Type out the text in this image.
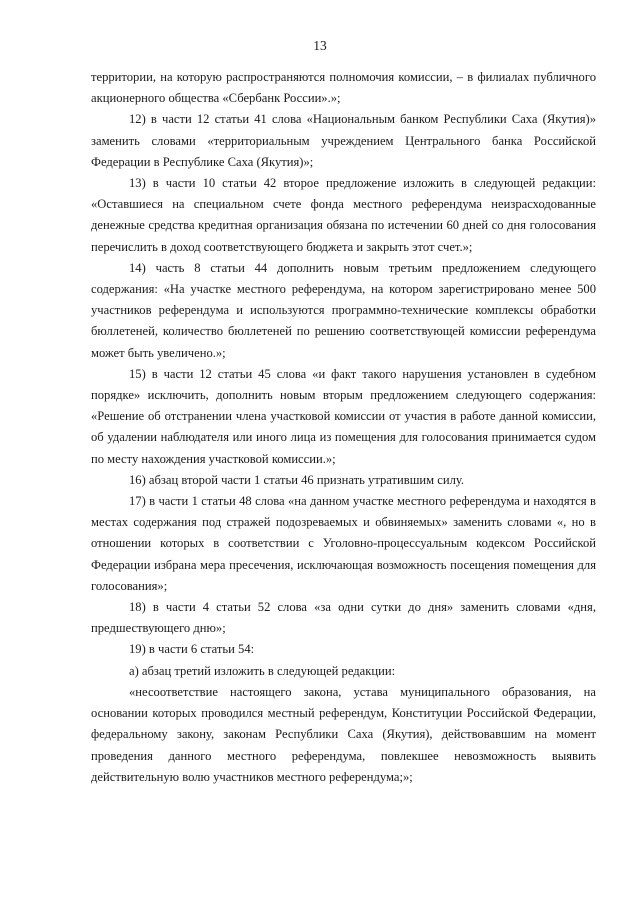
13

территории, на которую распространяются полномочия комиссии, – в филиалах публичного акционерного общества «Сбербанк России».»;

12) в части 12 статьи 41 слова «Национальным банком Республики Саха (Якутия)» заменить словами «территориальным учреждением Центрального банка Российской Федерации в Республике Саха (Якутия)»;

13) в части 10 статьи 42 второе предложение изложить в следующей редакции: «Оставшиеся на специальном счете фонда местного референдума неизрасходованные денежные средства кредитная организация обязана по истечении 60 дней со дня голосования перечислить в доход соответствующего бюджета и закрыть этот счет.»;

14) часть 8 статьи 44 дополнить новым третьим предложением следующего содержания: «На участке местного референдума, на котором зарегистрировано менее 500 участников референдума и используются программно-технические комплексы обработки бюллетеней, количество бюллетеней по решению соответствующей комиссии референдума может быть увеличено.»;

15) в части 12 статьи 45 слова «и факт такого нарушения установлен в судебном порядке» исключить, дополнить новым вторым предложением следующего содержания: «Решение об отстранении члена участковой комиссии от участия в работе данной комиссии, об удалении наблюдателя или иного лица из помещения для голосования принимается судом по месту нахождения участковой комиссии.»;

16) абзац второй части 1 статьи 46 признать утратившим силу.

17) в части 1 статьи 48 слова «на данном участке местного референдума и находятся в местах содержания под стражей подозреваемых и обвиняемых» заменить словами «, но в отношении которых в соответствии с Уголовно-процессуальным кодексом Российской Федерации избрана мера пресечения, исключающая возможность посещения помещения для голосования»;

18) в части 4 статьи 52 слова «за одни сутки до дня» заменить словами «дня, предшествующего дню»;

19) в части 6 статьи 54:

а) абзац третий изложить в следующей редакции:

«несоответствие настоящего закона, устава муниципального образования, на основании которых проводился местный референдум, Конституции Российской Федерации, федеральному закону, законам Республики Саха (Якутия), действовавшим на момент проведения данного местного референдума, повлекшее невозможность выявить действительную волю участников местного референдума;»;
